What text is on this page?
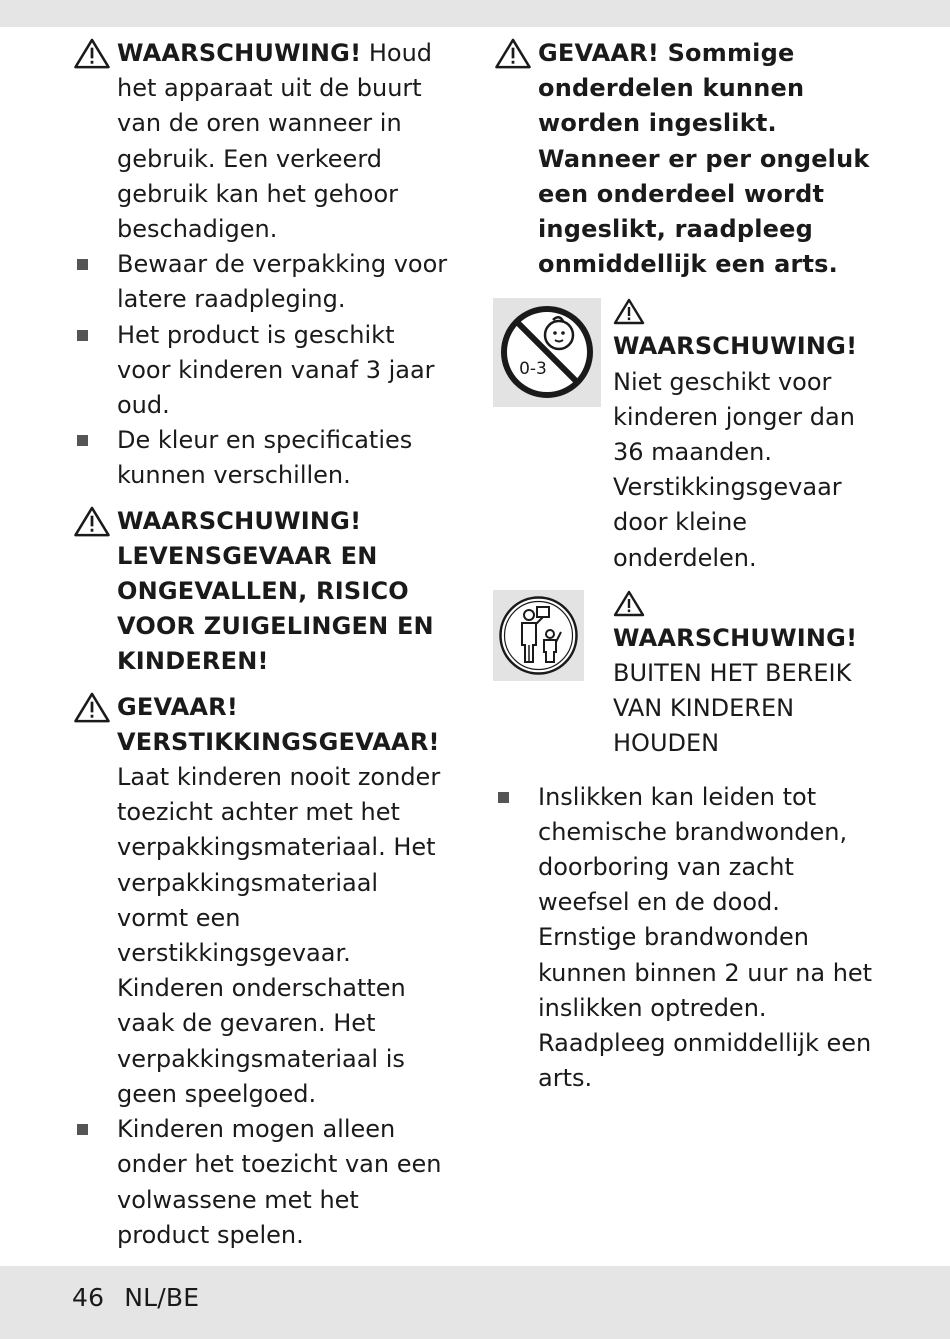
WAARSCHUWING! Houd het apparaat uit de buurt van de oren wanneer in gebruik. Een verkeerd gebruik kan het gehoor beschadigen.
Bewaar de verpakking voor latere raadpleging.
Het product is geschikt voor kinderen vanaf 3 jaar oud.
De kleur en specificaties kunnen verschillen.
WAARSCHUWING! LEVENSGEVAAR EN ONGEVALLEN, RISICO VOOR ZUIGELINGEN EN KINDEREN!
GEVAAR! VERSTIKKINGSGEVAAR!
Laat kinderen nooit zonder toezicht achter met het verpakkingsmateriaal. Het verpakkingsmateriaal vormt een verstikkingsgevaar. Kinderen onderschatten vaak de gevaren. Het verpakkingsmateriaal is geen speelgoed.
Kinderen mogen alleen onder het toezicht van een volwassene met het product spelen.
GEVAAR! Sommige onderdelen kunnen worden ingeslikt. Wanneer er per ongeluk een onderdeel wordt ingeslikt, raadpleeg onmiddellijk een arts.
0-3
WAARSCHUWING!
Niet geschikt voor kinderen jonger dan 36 maanden. Verstikkingsgevaar door kleine onderdelen.
WAARSCHUWING!
BUITEN HET BEREIK VAN KINDEREN HOUDEN
Inslikken kan leiden tot chemische brandwonden, doorboring van zacht weefsel en de dood. Ernstige brandwonden kunnen binnen 2 uur na het inslikken optreden. Raadpleeg onmiddellijk een arts.
46 NL/BE
